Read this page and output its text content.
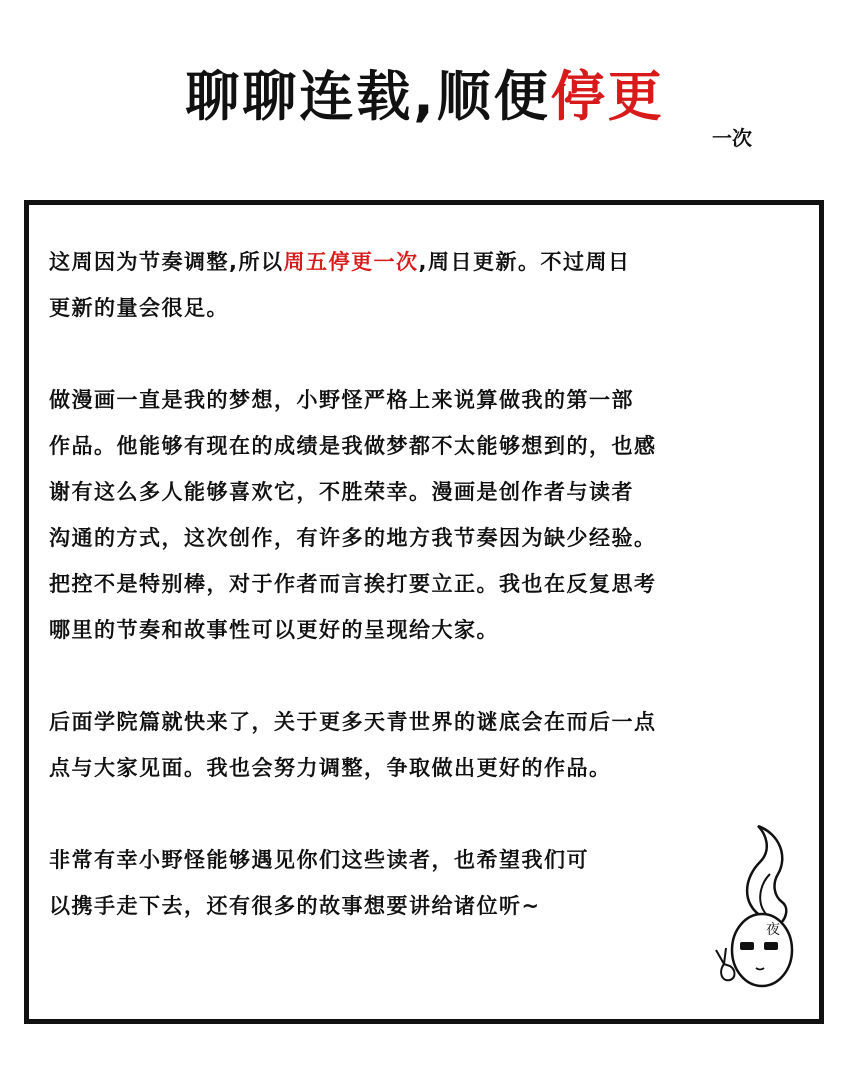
聊聊连载,顺便停更
一次

这周因为节奏调整,所以周五停更一次,周日更新。不过周日
更新的量会很足。

做漫画一直是我的梦想，小野怪严格上来说算做我的第一部
作品。他能够有现在的成绩是我做梦都不太能够想到的，也感
谢有这么多人能够喜欢它，不胜荣幸。漫画是创作者与读者
沟通的方式，这次创作，有许多的地方我节奏因为缺少经验。
把控不是特别棒，对于作者而言挨打要立正。我也在反复思考
哪里的节奏和故事性可以更好的呈现给大家。

后面学院篇就快来了，关于更多天青世界的谜底会在而后一点
点与大家见面。我也会努力调整，争取做出更好的作品。

非常有幸小野怪能够遇见你们这些读者，也希望我们可
以携手走下去，还有很多的故事想要讲给诸位听~

夜
